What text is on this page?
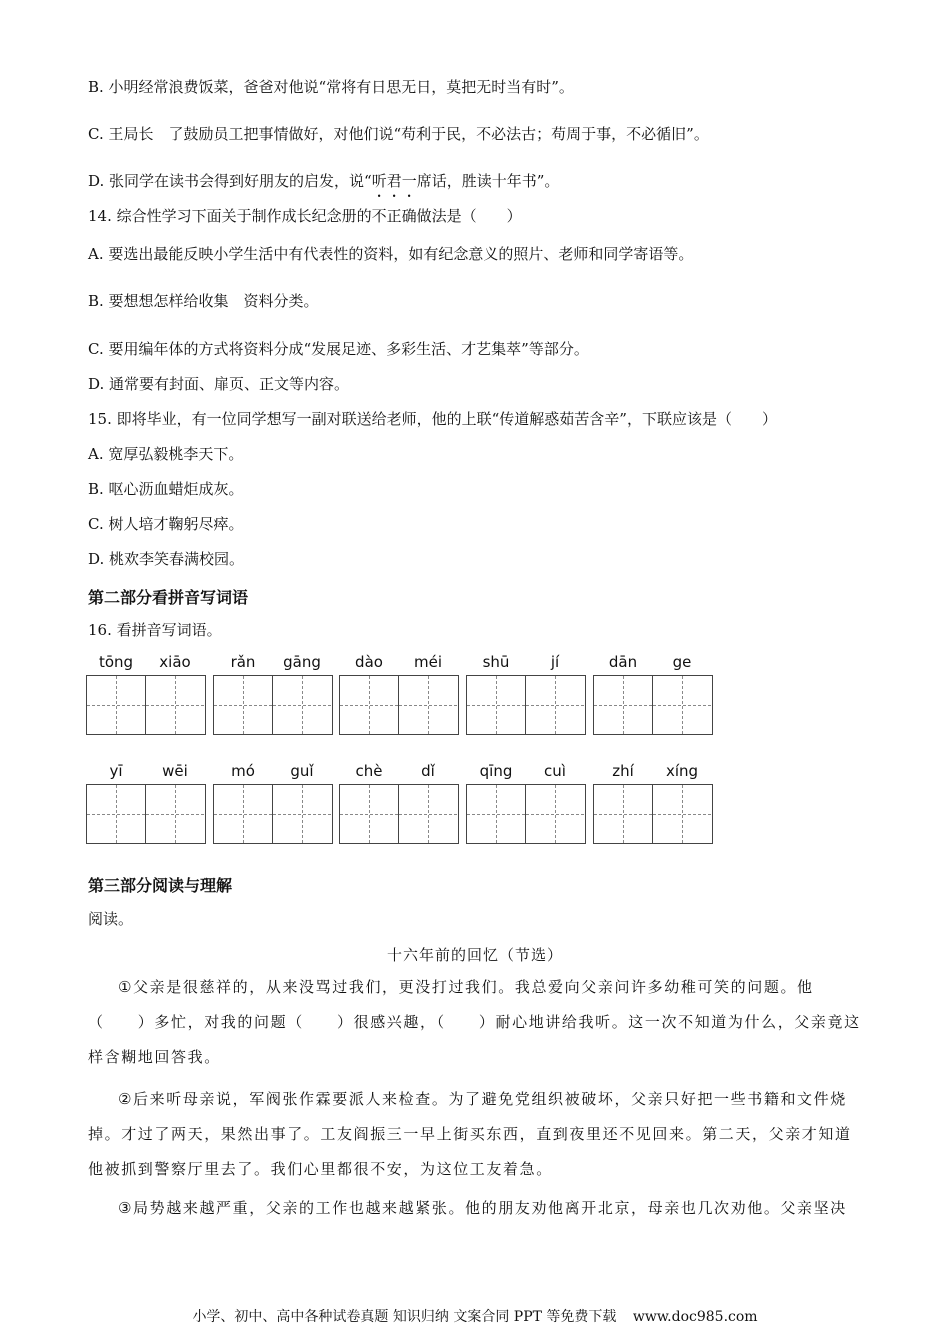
B. 小明经常浪费饭菜，爸爸对他说“常将有日思无日，莫把无时当有时”。
C. 王局长　了鼓励员工把事情做好，对他们说“苟利于民，不必法古；苟周于事，不必循旧”。
D. 张同学在读书会得到好朋友的启发，说“听君一席话，胜读十年书”。
14. 综合性学习下面关于制作成长纪念册的不正确做法是（　　）
A. 要选出最能反映小学生活中有代表性的资料，如有纪念意义的照片、老师和同学寄语等。
B. 要想想怎样给收集　资料分类。
C. 要用编年体的方式将资料分成“发展足迹、多彩生活、才艺集萃”等部分。
D. 通常要有封面、扉页、正文等内容。
15. 即将毕业，有一位同学想写一副对联送给老师，他的上联“传道解惑茹苦含辛”，下联应该是（　　）
A. 宽厚弘毅桃李天下。
B. 呕心沥血蜡炬成灰。
C. 树人培才鞠躬尽瘁。
D. 桃欢李笑春满校园。
第二部分看拼音写词语
16. 看拼音写词语。
tōng	xiāo	rǎn	gāng	dào	méi	shū	jí	dān	ge
yī	wēi	mó	guǐ	chè	dǐ	qīng	cuì	zhí	xíng
第三部分阅读与理解
阅读。
十六年前的回忆（节选）
①父亲是很慈祥的，从来没骂过我们，更没打过我们。我总爱向父亲问许多幼稚可笑的问题。他（　　）多忙，对我的问题（　　）很感兴趣，（　　）耐心地讲给我听。这一次不知道为什么，父亲竟这样含糊地回答我。
②后来听母亲说，军阀张作霖要派人来检查。为了避免党组织被破坏，父亲只好把一些书籍和文件烧掉。才过了两天，果然出事了。工友阎振三一早上街买东西，直到夜里还不见回来。第二天，父亲才知道他被抓到警察厅里去了。我们心里都很不安，为这位工友着急。
③局势越来越严重，父亲的工作也越来越紧张。他的朋友劝他离开北京，母亲也几次劝他。父亲坚决
小学、初中、高中各种试卷真题 知识归纳 文案合同 PPT 等免费下载 www.doc985.com
